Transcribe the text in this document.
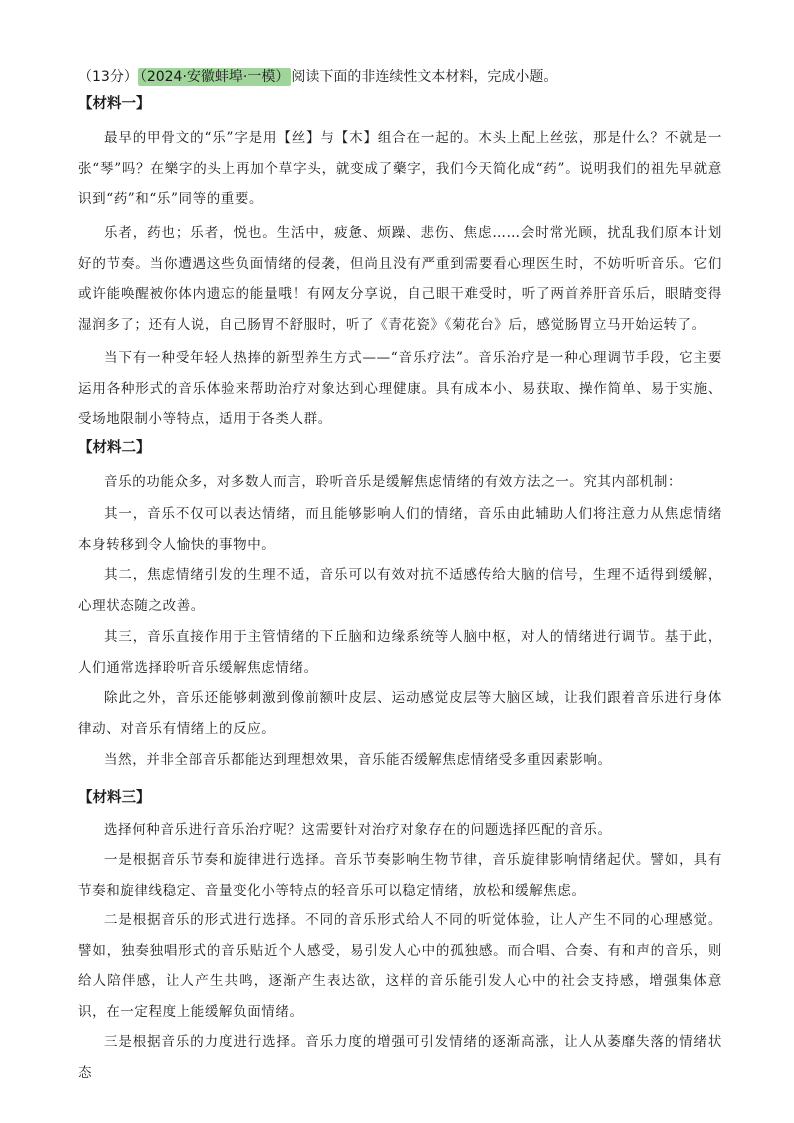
（13分） （2024·安徽蚌埠·一模） 阅读下面的非连续性文本材料，完成小题。
【材料一】

最早的甲骨文的“乐”字是用【丝】与【木】组合在一起的。木头上配上丝弦，那是什么？不就是一张“琴”吗？在樂字的头上再加个草字头，就变成了藥字，我们今天简化成“药”。说明我们的祖先早就意识到“药”和“乐”同等的重要。

乐者，药也；乐者，悦也。生活中，疲惫、烦躁、悲伤、焦虑……会时常光顾，扰乱我们原本计划好的节奏。当你遭遇这些负面情绪的侵袭，但尚且没有严重到需要看心理医生时，不妨听听音乐。它们或许能唤醒被你体内遗忘的能量哦！有网友分享说，自己眼干难受时，听了两首养肝音乐后，眼睛变得湿润多了；还有人说，自己肠胃不舒服时，听了《青花瓷》《菊花台》后，感觉肠胃立马开始运转了。

当下有一种受年轻人热捧的新型养生方式——“音乐疗法”。音乐治疗是一种心理调节手段，它主要运用各种形式的音乐体验来帮助治疗对象达到心理健康。具有成本小、易获取、操作简单、易于实施、受场地限制小等特点，适用于各类人群。

【材料二】

音乐的功能众多，对多数人而言，聆听音乐是缓解焦虑情绪的有效方法之一。究其内部机制：

其一，音乐不仅可以表达情绪，而且能够影响人们的情绪，音乐由此辅助人们将注意力从焦虑情绪本身转移到令人愉快的事物中。

其二，焦虑情绪引发的生理不适，音乐可以有效对抗不适感传给大脑的信号，生理不适得到缓解，心理状态随之改善。

其三，音乐直接作用于主管情绪的下丘脑和边缘系统等人脑中枢，对人的情绪进行调节。基于此，人们通常选择聆听音乐缓解焦虑情绪。

除此之外，音乐还能够刺激到像前额叶皮层、运动感觉皮层等大脑区域，让我们跟着音乐进行身体律动、对音乐有情绪上的反应。

当然，并非全部音乐都能达到理想效果，音乐能否缓解焦虑情绪受多重因素影响。

【材料三】

选择何种音乐进行音乐治疗呢？这需要针对治疗对象存在的问题选择匹配的音乐。

一是根据音乐节奏和旋律进行选择。音乐节奏影响生物节律，音乐旋律影响情绪起伏。譬如，具有节奏和旋律线稳定、音量变化小等特点的轻音乐可以稳定情绪，放松和缓解焦虑。

二是根据音乐的形式进行选择。不同的音乐形式给人不同的听觉体验，让人产生不同的心理感觉。譬如，独奏独唱形式的音乐贴近个人感受，易引发人心中的孤独感。而合唱、合奏、有和声的音乐，则给人陪伴感，让人产生共鸣，逐渐产生表达欲，这样的音乐能引发人心中的社会支持感，增强集体意识，在一定程度上能缓解负面情绪。

三是根据音乐的力度进行选择。音乐力度的增强可引发情绪的逐渐高涨，让人从萎靡失落的情绪状态
